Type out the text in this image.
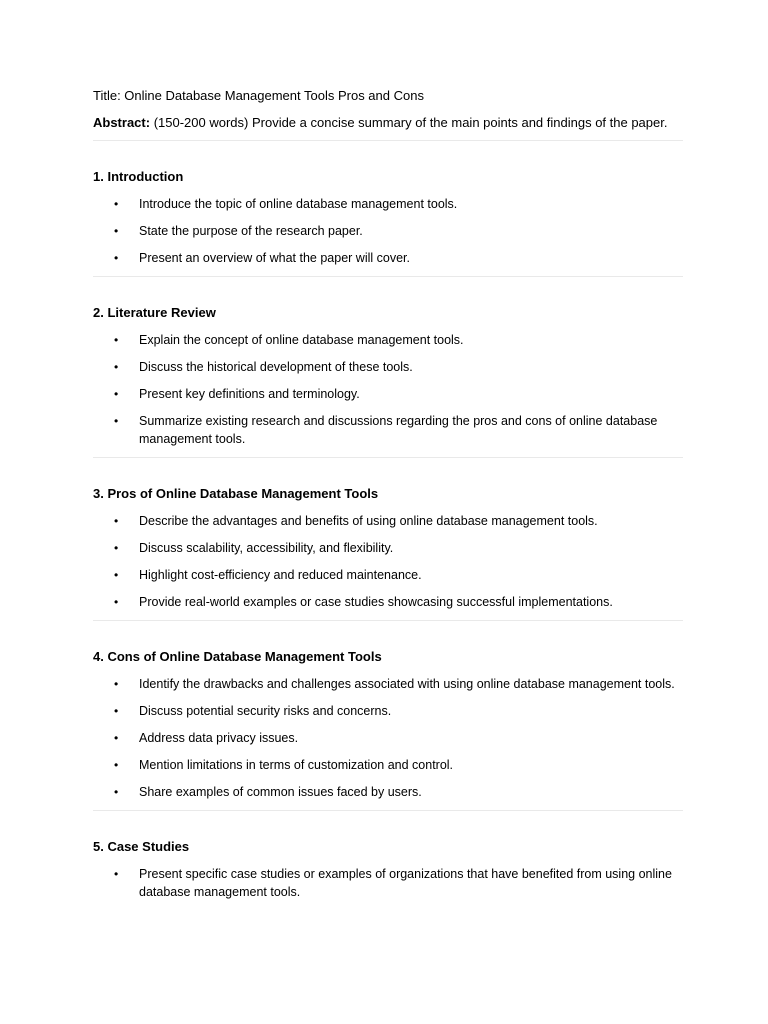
Title: Online Database Management Tools Pros and Cons
Abstract: (150-200 words) Provide a concise summary of the main points and findings of the paper.
1. Introduction
• Introduce the topic of online database management tools.
• State the purpose of the research paper.
• Present an overview of what the paper will cover.
2. Literature Review
• Explain the concept of online database management tools.
• Discuss the historical development of these tools.
• Present key definitions and terminology.
• Summarize existing research and discussions regarding the pros and cons of online database management tools.
3. Pros of Online Database Management Tools
• Describe the advantages and benefits of using online database management tools.
• Discuss scalability, accessibility, and flexibility.
• Highlight cost-efficiency and reduced maintenance.
• Provide real-world examples or case studies showcasing successful implementations.
4. Cons of Online Database Management Tools
• Identify the drawbacks and challenges associated with using online database management tools.
• Discuss potential security risks and concerns.
• Address data privacy issues.
• Mention limitations in terms of customization and control.
• Share examples of common issues faced by users.
5. Case Studies
• Present specific case studies or examples of organizations that have benefited from using online database management tools.
